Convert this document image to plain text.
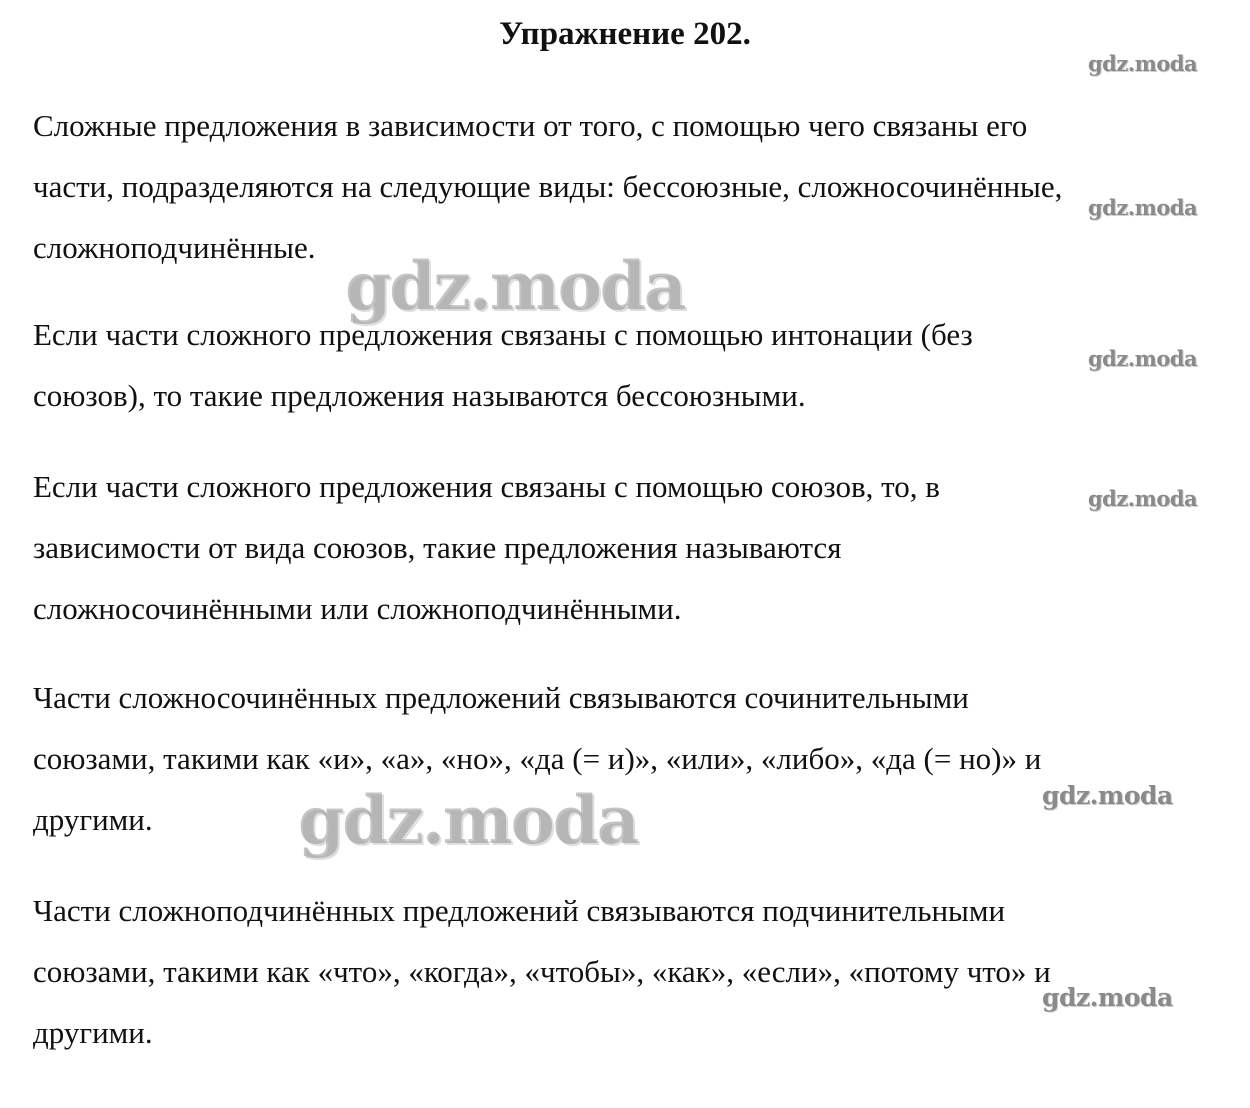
Упражнение 202.
Сложные предложения в зависимости от того, с помощью чего связаны его
части, подразделяются на следующие виды: бессоюзные, сложносочинённые,
сложноподчинённые.
Если части сложного предложения связаны с помощью интонации (без
союзов), то такие предложения называются бессоюзными.
Если части сложного предложения связаны с помощью союзов, то, в
зависимости от вида союзов, такие предложения называются
сложносочинёнными или сложноподчинёнными.
Части сложносочинённых предложений связываются сочинительными
союзами, такими как «и», «а», «но», «да (= и)», «или», «либо», «да (= но)» и
другими.
Части сложноподчинённых предложений связываются подчинительными
союзами, такими как «что», «когда», «чтобы», «как», «если», «потому что» и
другими.
gdz.moda
gdz.moda
gdz.moda
gdz.moda
gdz.moda
gdz.moda
gdz.moda
gdz.moda
